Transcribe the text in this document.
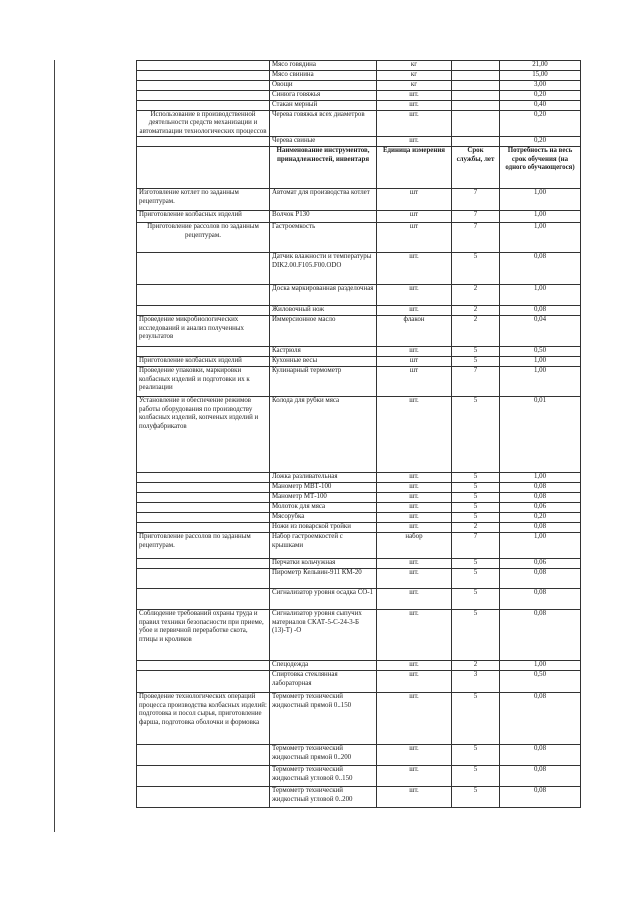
	Мясо говядина	кг		21,00
	Мясо свинина	кг		15,00
	Овощи	кг		3,00
	Синюга говяжья	шт.		0,20
	Стакан мерный	шт.		0,40
Использование в производственной деятельности средств механизации и автоматизации технологических процессов	Черева говяжья всех диаметров	шт.		0,20
	Черева свиные	шт.		0,20
	Наименование инструментов, принадлежностей, инвентаря	Единица измерения	Срок службы, лет	Потребность на весь срок обучения (на одного обучающегося)
Изготовление котлет по заданным рецептурам.	Автомат для производства котлет	шт	7	1,00
Приготовление колбасных изделий	Волчок Р130	шт	7	1,00
Приготовление рассолов по заданным рецептурам.	Гастроемкость	шт	7	1,00
	Датчик влажности и температуры DIK2.00.F105.F00.ODO	шт.	5	0,08
	Доска маркированная разделочная	шт.	2	1,00
	Жиловочный нож	шт.	2	0,08
Проведение микробиологических исследований и анализ полученных результатов	Иммерсионное масло	флакон	2	0,04
	Кастрюля	шт.	5	0,50
Приготовление колбасных изделий	Кухонные весы	шт	5	1,00
Проведение упаковки, маркировки колбасных изделий и подготовки их к реализации	Кулинарный термометр	шт	7	1,00
Установление и обеспечение режимов работы оборудования по производству колбасных изделий, копченых изделий и полуфабрикатов	Колода для рубки мяса	шт.	5	0,01
	Ложка разливательная	шт.	5	1,00
	Манометр МВТ-100	шт.	5	0,08
	Манометр МТ-100	шт.	5	0,08
	Молоток для мяса	шт.	5	0,06
	Мясорубка	шт.	5	0,20
	Ножи из поварской тройки	шт.	2	0,08
Приготовление рассолов по заданным рецептурам.	Набор гастроемкостей с крышками	набор	7	1,00
	Перчатки кольчужная	шт.	5	0,06
	Пирометр Кельвин-911 КМ-20	шт.	5	0,08
	Сигнализатор уровня осадка СО-1	шт.	5	0,08
Соблюдение требований охраны труда и правил техники безопасности при приеме, убое и первичной переработке скота, птицы и кроликов	Сигнализатор уровня сыпучих материалов СКАТ-5-С-24-3-Б (13)-Т) -О	шт.	5	0,08
	Спецодежда	шт.	2	1,00
	Спиртовка стеклянная лабораторная	шт.	3	0,50
Проведение технологических операций процесса производства колбасных изделий: подготовка и посол сырья, приготовление фарша, подготовка оболочки и формовка	Термометр технический жидкостный прямой 0..150	шт.	5	0,08
	Термометр технический жидкостный прямой 0..200	шт.	5	0,08
	Термометр технический жидкостный угловой 0..150	шт.	5	0,08
	Термометр технический жидкостный угловой 0..200	шт.	5	0,08
